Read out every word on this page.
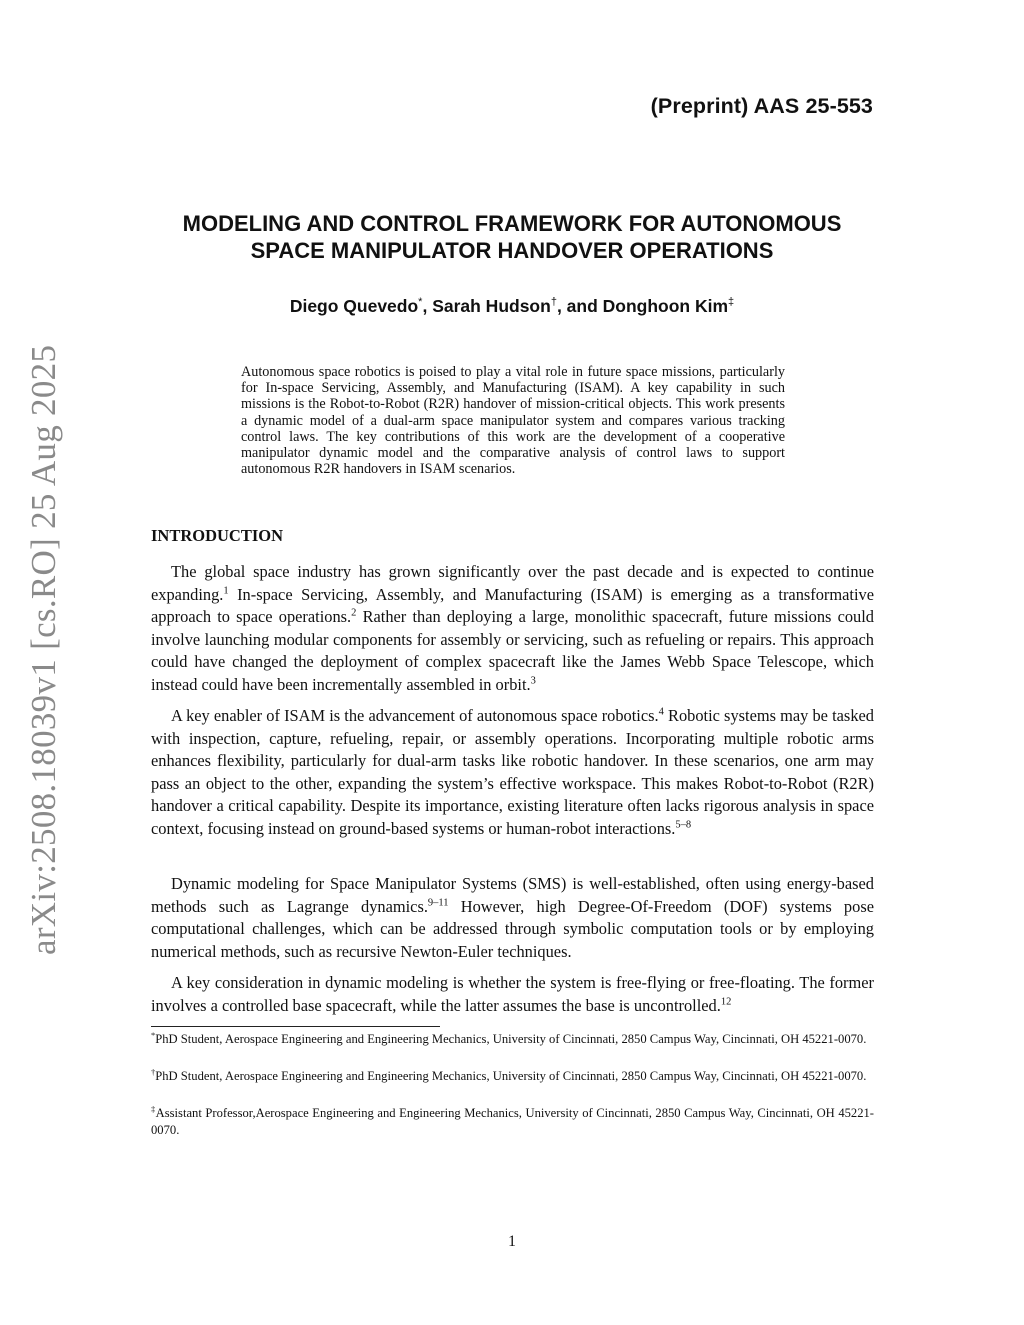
(Preprint) AAS 25-553
arXiv:2508.18039v1 [cs.RO] 25 Aug 2025
MODELING AND CONTROL FRAMEWORK FOR AUTONOMOUS
SPACE MANIPULATOR HANDOVER OPERATIONS
Diego Quevedo*, Sarah Hudson†, and Donghoon Kim‡
Autonomous space robotics is poised to play a vital role in future space missions, particularly for In-space Servicing, Assembly, and Manufacturing (ISAM). A key capability in such missions is the Robot-to-Robot (R2R) handover of mission-critical objects. This work presents a dynamic model of a dual-arm space manipulator system and compares various tracking control laws. The key contributions of this work are the development of a cooperative manipulator dynamic model and the comparative analysis of control laws to support autonomous R2R handovers in ISAM scenarios.
INTRODUCTION

The global space industry has grown significantly over the past decade and is expected to continue expanding.$^1$ In-space Servicing, Assembly, and Manufacturing (ISAM) is emerging as a transformative approach to space operations.$^2$ Rather than deploying a large, monolithic spacecraft, future missions could involve launching modular components for assembly or servicing, such as refueling or repairs. This approach could have changed the deployment of complex spacecraft like the James Webb Space Telescope, which instead could have been incrementally assembled in orbit.$^3$

A key enabler of ISAM is the advancement of autonomous space robotics.$^4$ Robotic systems may be tasked with inspection, capture, refueling, repair, or assembly operations. Incorporating multiple robotic arms enhances flexibility, particularly for dual-arm tasks like robotic handover. In these scenarios, one arm may pass an object to the other, expanding the system’s effective workspace. This makes Robot-to-Robot (R2R) handover a critical capability. Despite its importance, existing literature often lacks rigorous analysis in space context, focusing instead on ground-based systems or human-robot interactions.$^{5-8}$

Dynamic modeling for Space Manipulator Systems (SMS) is well-established, often using energy-based methods such as Lagrange dynamics.$^{9-11}$ However, high Degree-Of-Freedom (DOF) systems pose computational challenges, which can be addressed through symbolic computation tools or by employing numerical methods, such as recursive Newton-Euler techniques.

A key consideration in dynamic modeling is whether the system is free-flying or free-floating. The former involves a controlled base spacecraft, while the latter assumes the base is uncontrolled.$^{12}$

*PhD Student, Aerospace Engineering and Engineering Mechanics, University of Cincinnati, 2850 Campus Way, Cincinnati, OH 45221-0070.

†PhD Student, Aerospace Engineering and Engineering Mechanics, University of Cincinnati, 2850 Campus Way, Cincinnati, OH 45221-0070.

‡Assistant Professor,Aerospace Engineering and Engineering Mechanics, University of Cincinnati, 2850 Campus Way, Cincinnati, OH 45221-0070.

1
